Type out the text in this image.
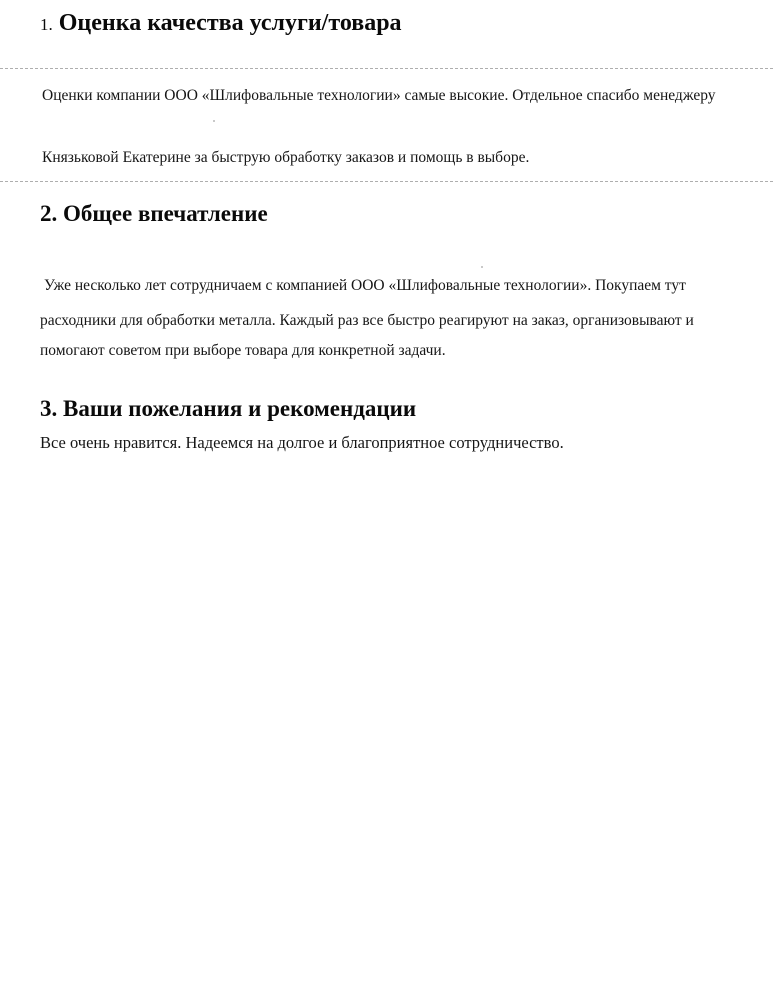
1. Оценка качества услуги/товара
Оценки компании ООО «Шлифовальные технологии» самые высокие. Отдельное спасибо менеджеру
Князьковой Екатерине за быструю обработку заказов и помощь в выборе.
2. Общее впечатление
Уже несколько лет сотрудничаем с компанией ООО «Шлифовальные технологии». Покупаем тут
расходники для обработки металла. Каждый раз все быстро реагируют на заказ, организовывают и
помогают советом при выборе товара для конкретной задачи.
3. Ваши пожелания и рекомендации
Все очень нравится. Надеемся на долгое и благоприятное сотрудничество.
